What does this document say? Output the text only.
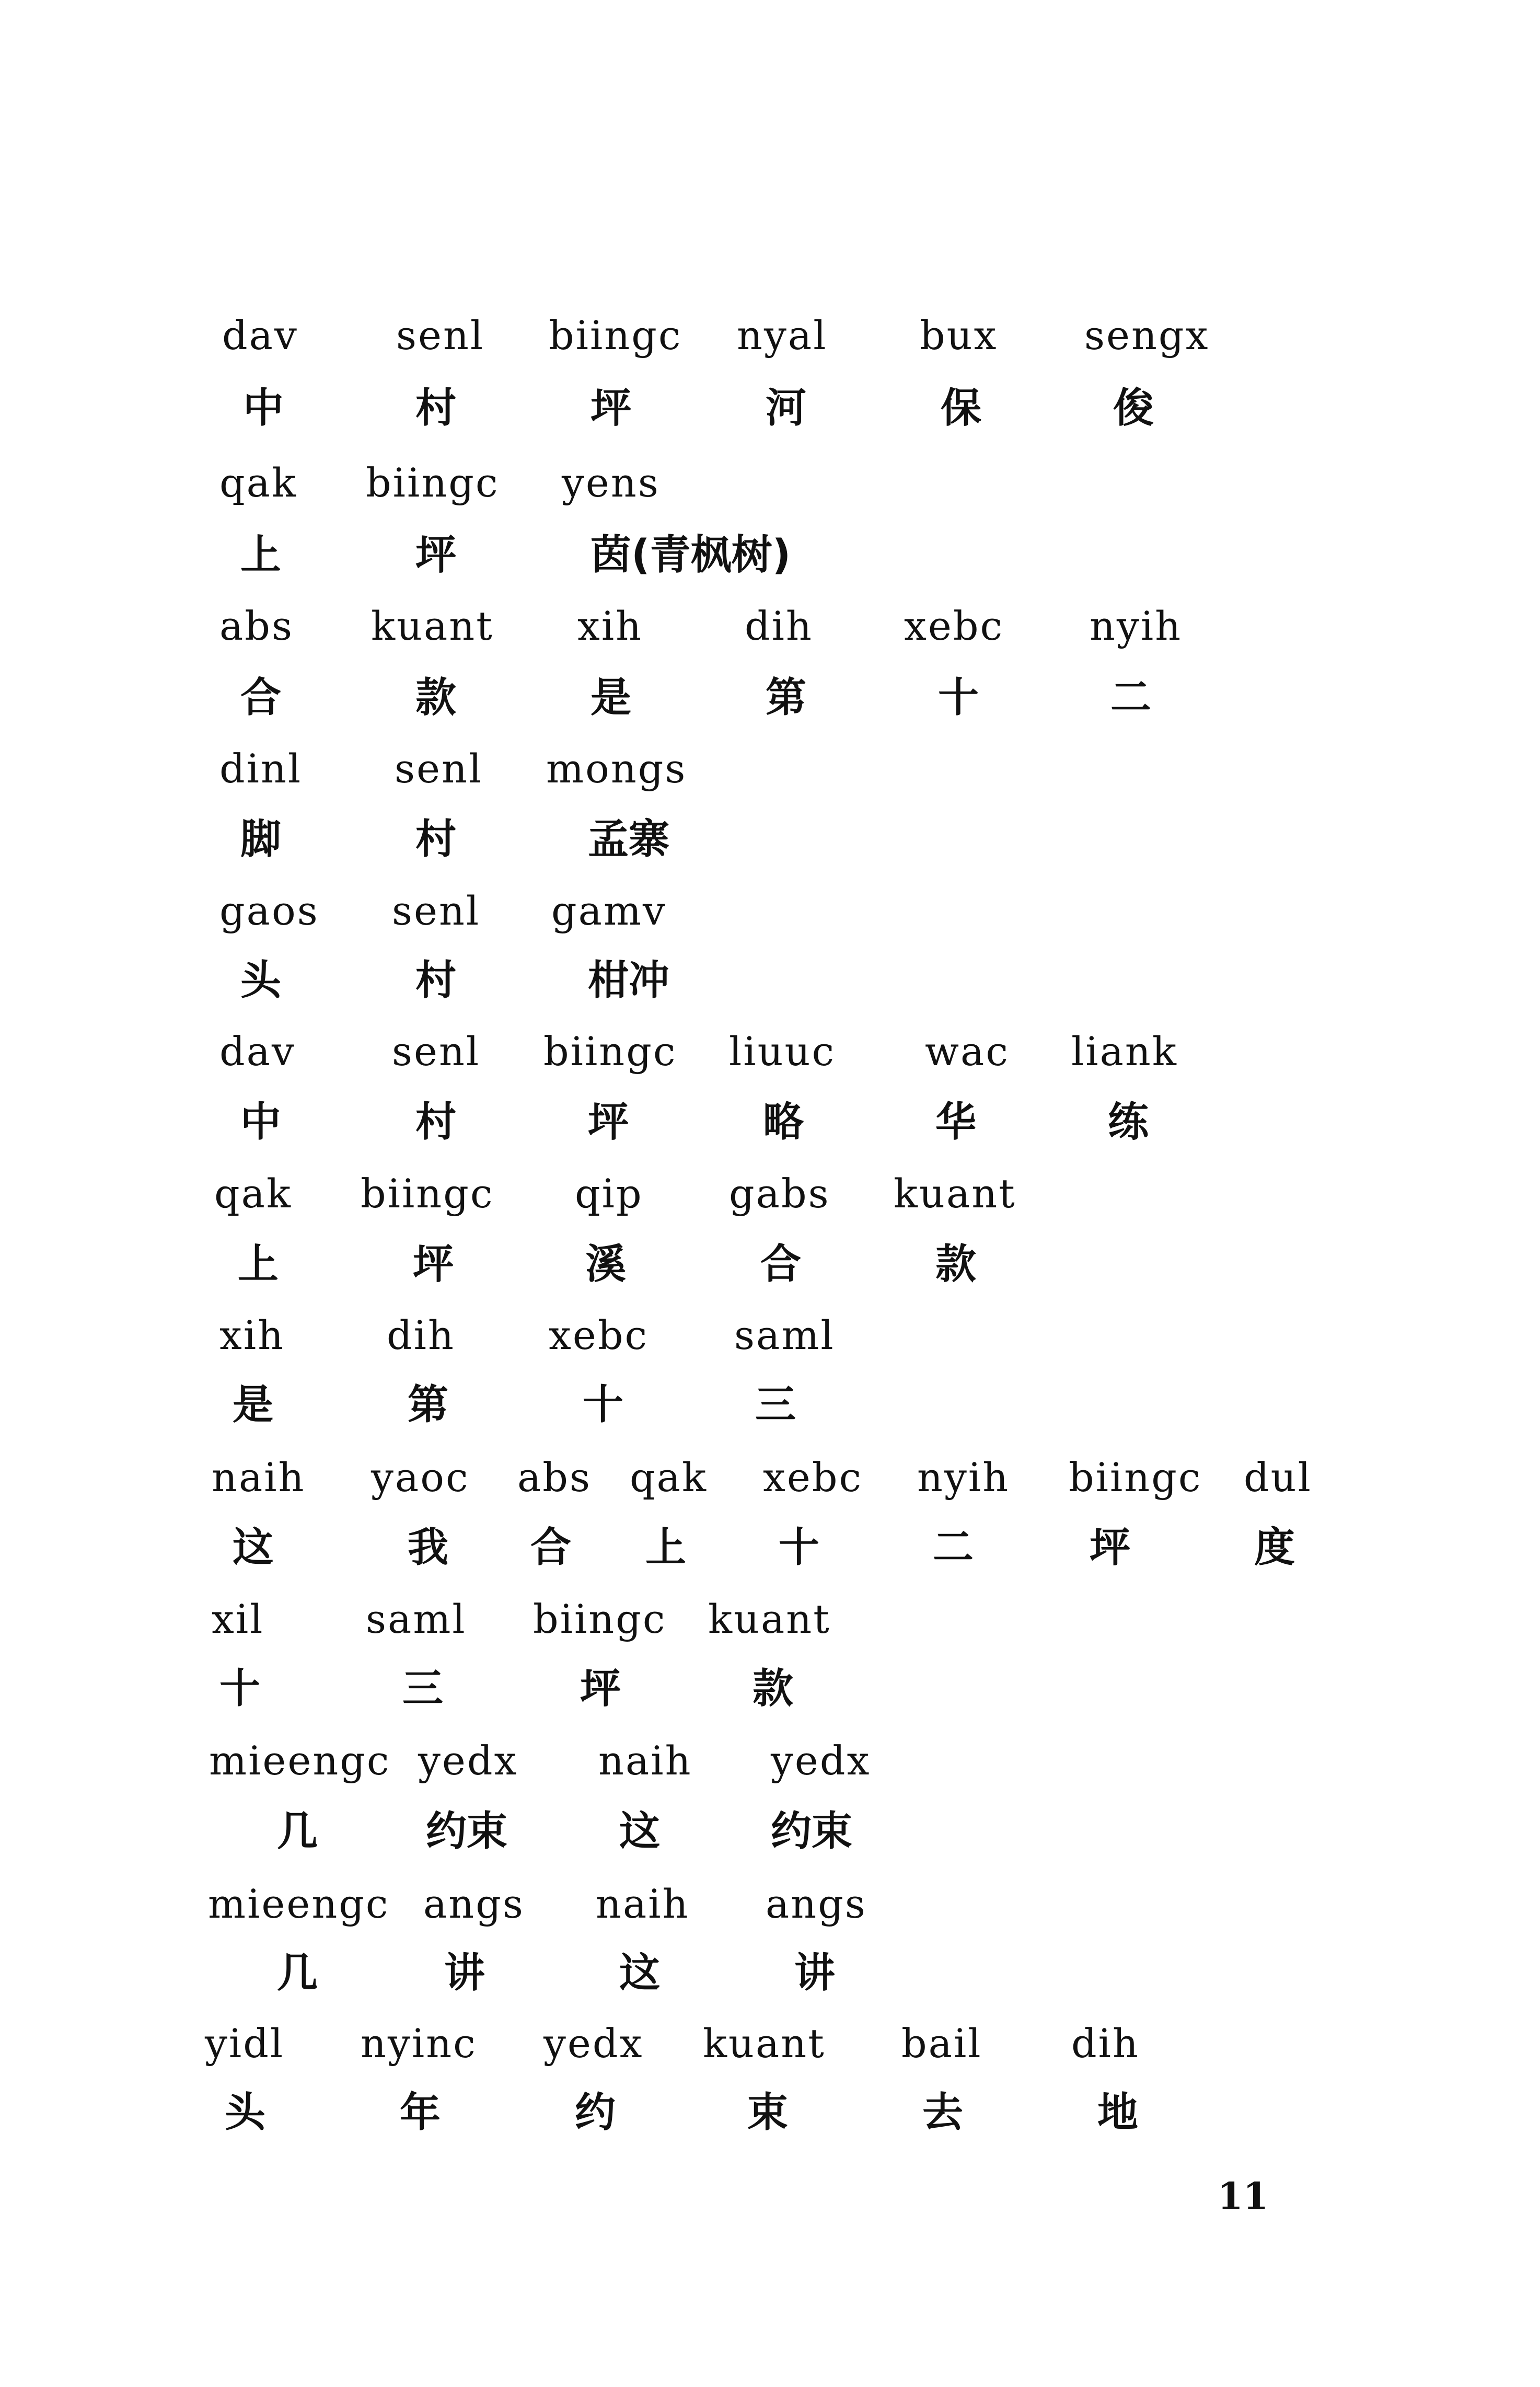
dav senl biingc nyal bux sengx
中	村	坪	河	保	俊
qak biingc yens
上	坪	茵(青枫树)
abs kuant xih	dih xebc nyih
合	款	是	第	十	二
dinl senl mongs
脚	村	孟寨
gaos senl gamv
头	村	柑冲
dav senl biingc liuuc wac liank
中	村	坪	略	华	练
qak biingc qip gabs kuant
上	坪	溪	合	款
xih	dih xebc saml
是	第	十	三
naih yaoc abs qak xebc nyih biingc dul
这	我 合 上 十	二	坪	度
xil	saml biingc kuant
十	三	坪	款
mieengc yedx naih yedx
几	约束	这	约束
mieengc angs naih angs
几	讲	这	讲
yidl nyinc yedx kuant bail dih
头	年	约	束	去	地
11
